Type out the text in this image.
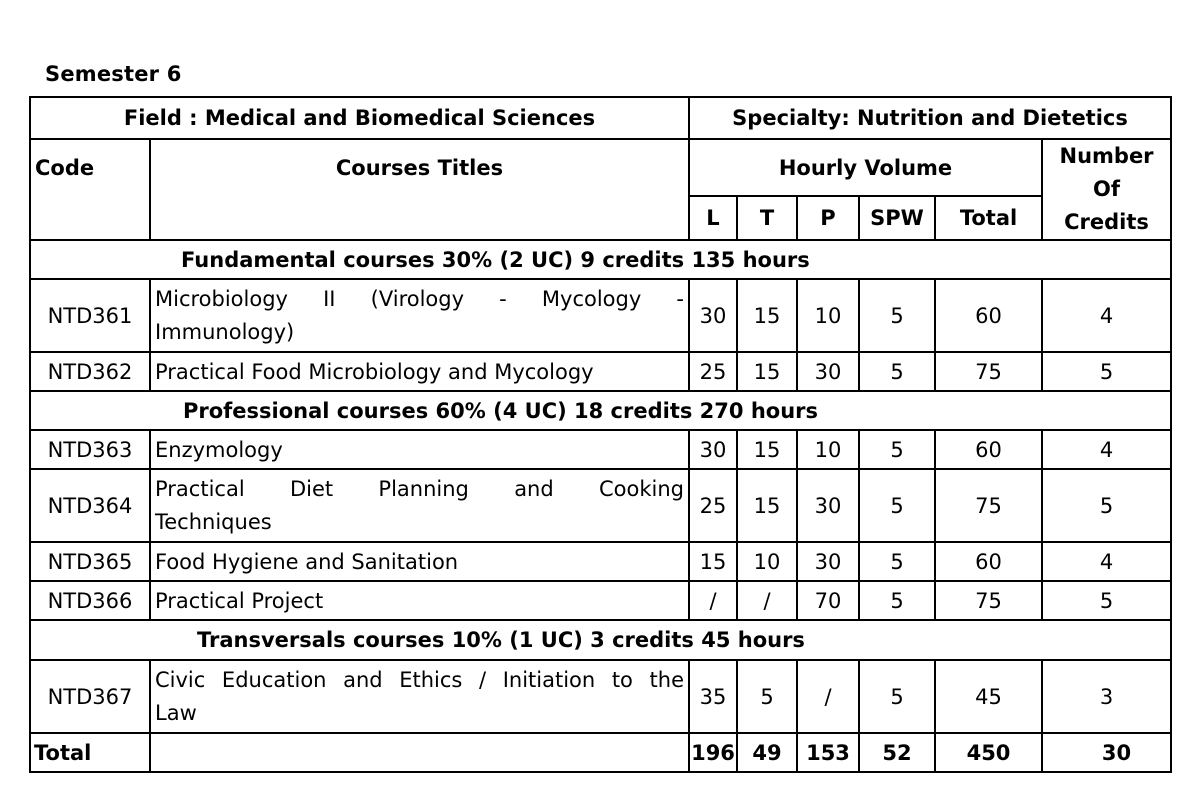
Semester 6
Field : Medical and Biomedical Sciences		Specialty: Nutrition and Dietetics					
Code	Courses Titles	Hourly Volume					Number
Of Credits

		L	T	P	SPW	Total	
Fundamental courses 30% (2 UC) 9 credits 135 hours							
NTD361	Microbiology II (Virology - Mycology -
Immunology)	30	15	10	5	60	4
NTD362	Practical Food Microbiology and Mycology	25	15	30	5	75	5
Professional courses 60% (4 UC) 18 credits 270 hours							
NTD363	Enzymology	30	15	10	5	60	4
NTD364	Practical Diet Planning and Cooking
Techniques	25	15	30	5	75	5
NTD365	Food Hygiene and Sanitation	15	10	30	5	60	4
NTD366	Practical Project	/	/	70	5	75	5
Transversals courses 10% (1 UC) 3 credits 45 hours							
NTD367	Civic Education and Ethics / Initiation to the
Law	35	5	/	5	45	3
Total		196	49	153	52	450	30
